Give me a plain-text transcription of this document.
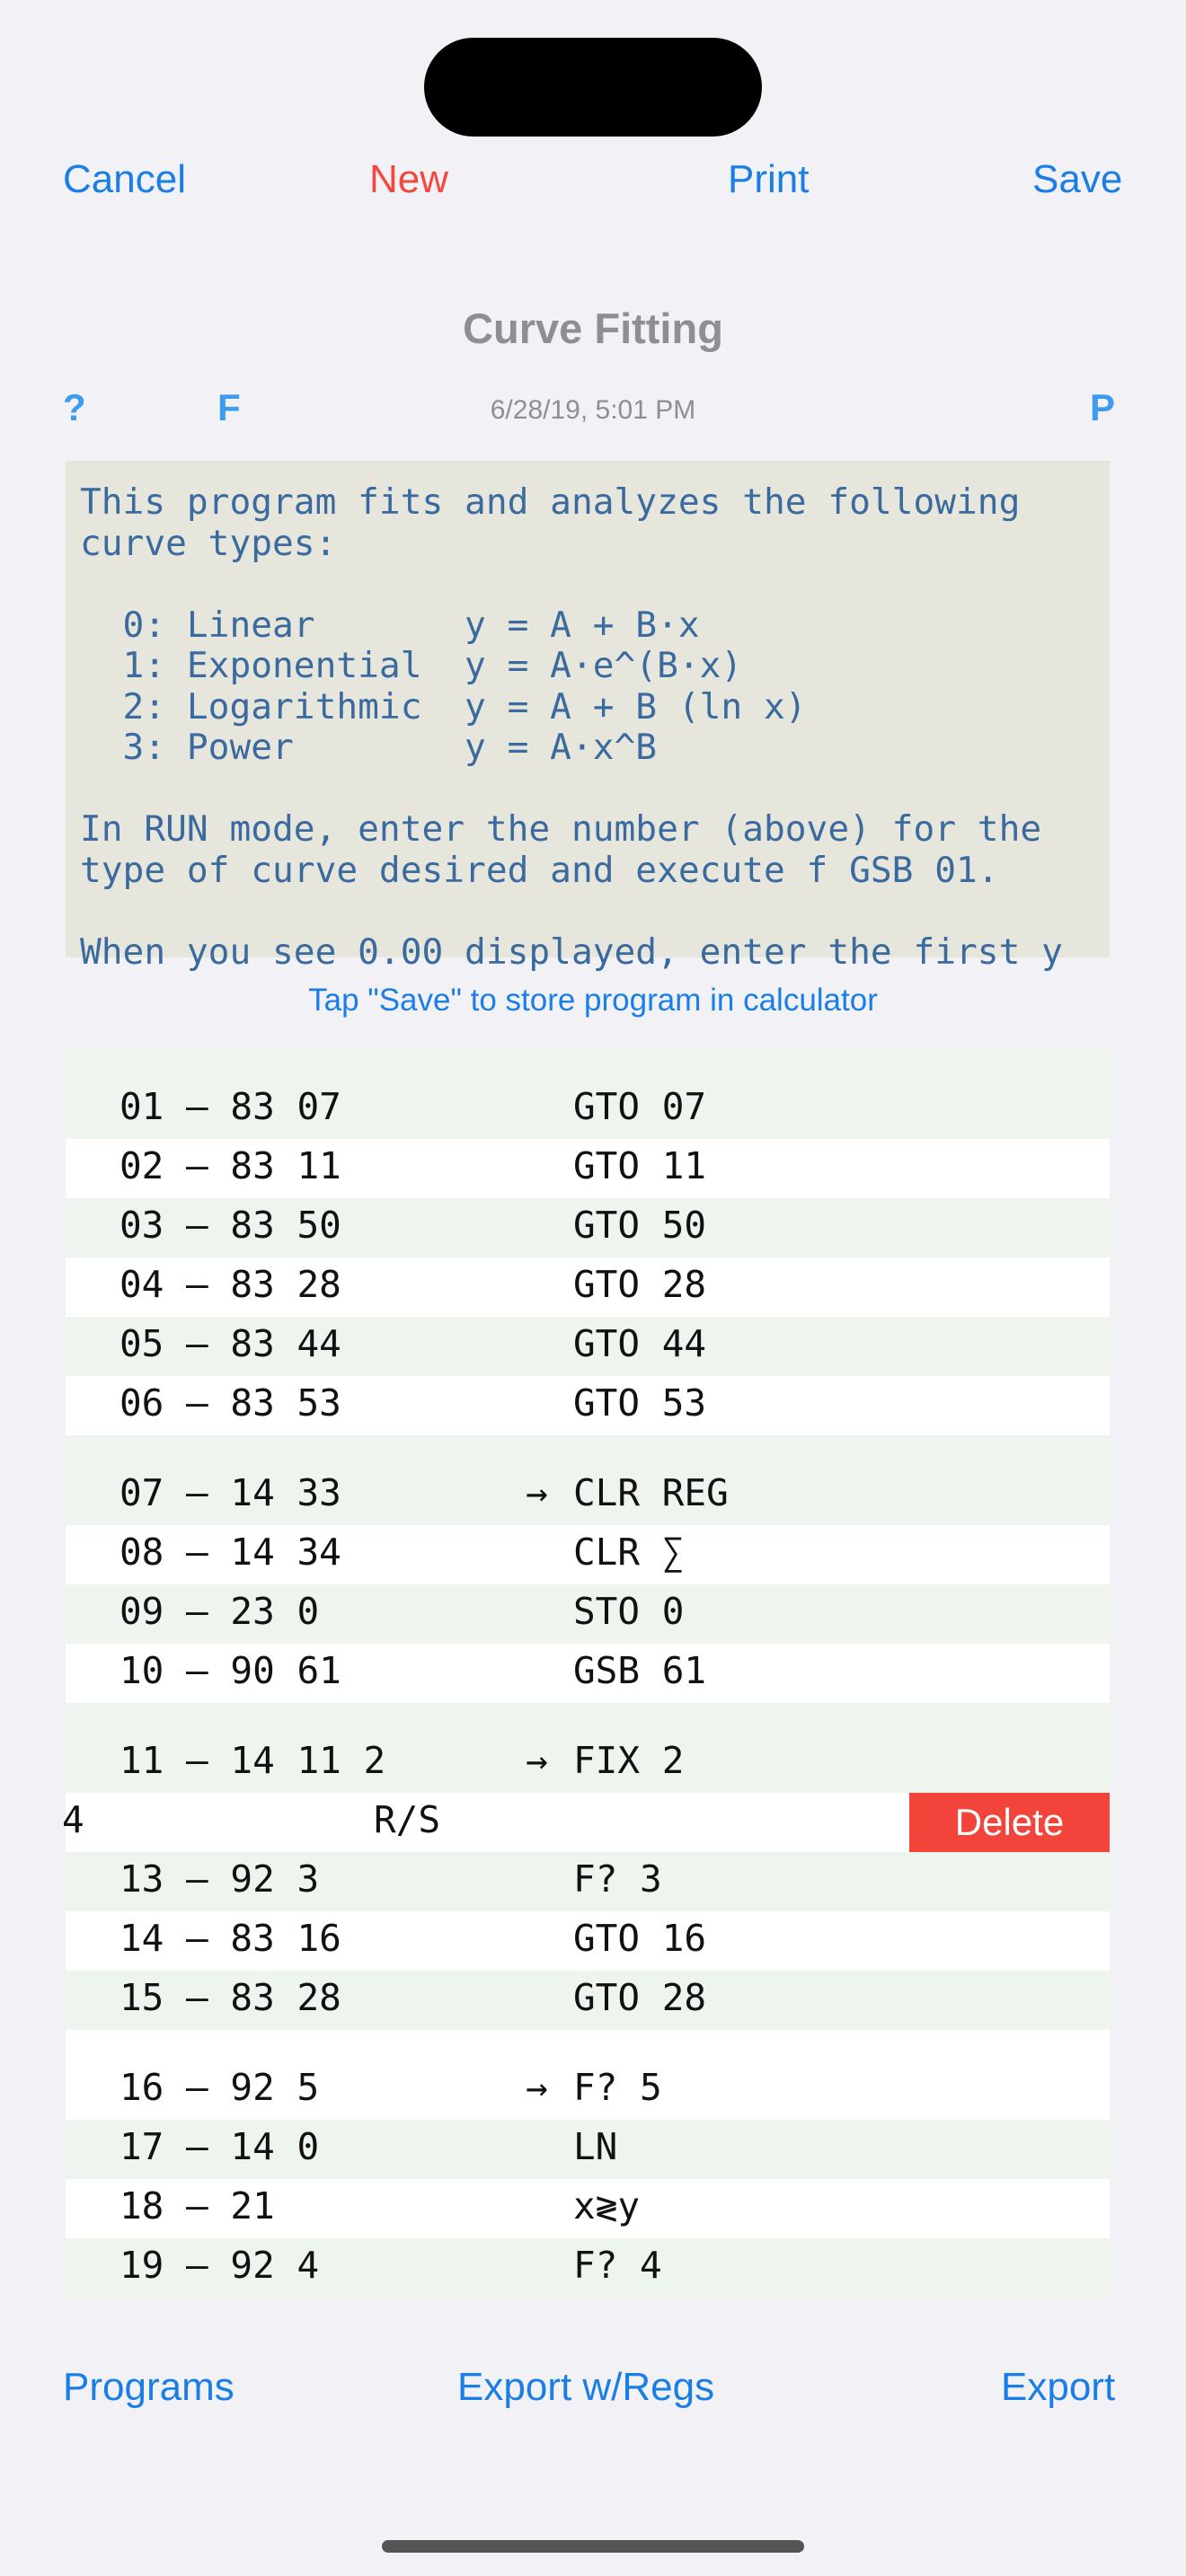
Cancel	New	Print	Save
Curve Fitting
?	F	6/28/19, 5:01 PM	P
This program fits and analyzes the following
curve types:

0: Linear       y = A + B·x
1: Exponential  y = A·e^(B·x)
2: Logarithmic  y = A + B (ln x)
3: Power        y = A·x^B

In RUN mode, enter the number (above) for the
type of curve desired and execute f GSB 01.

When you see 0.00 displayed, enter the first y
Tap "Save" to store program in calculator
01 – 83 07	GTO 07
02 – 83 11	GTO 11
03 – 83 50	GTO 50
04 – 83 28	GTO 28
05 – 83 44	GTO 44
06 – 83 53	GTO 53
07 – 14 33	→ CLR REG
08 – 14 34	CLR ∑
09 – 23 0	STO 0
10 – 90 61	GSB 61
11 – 14 11 2	→ FIX 2
4	R/S	Delete
13 – 92 3	F? 3
14 – 83 16	GTO 16
15 – 83 28	GTO 28
16 – 92 5	→ F? 5
17 – 14 0	LN
18 – 21	x≷y
19 – 92 4	F? 4
Programs	Export w/Regs	Export
